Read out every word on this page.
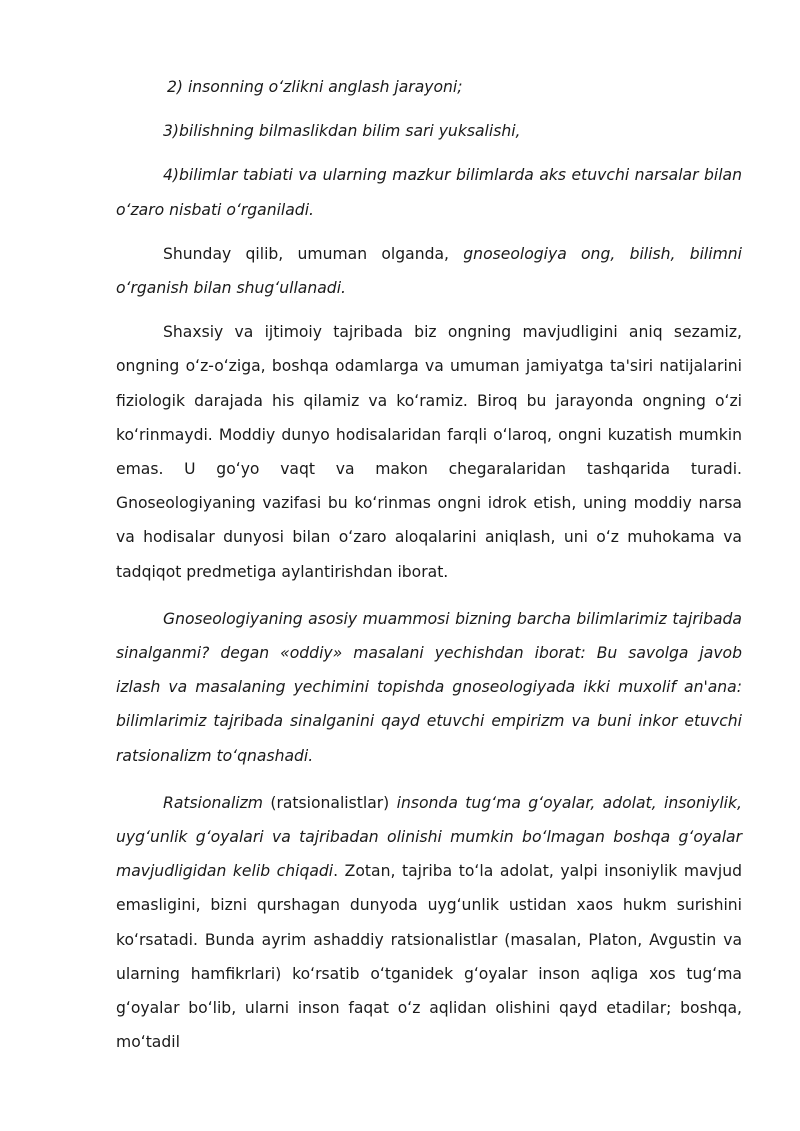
2) insonning oʻzlikni anglash jarayoni;

3)bilishning bilmaslikdan bilim sari yuksalishi,

4)bilimlar tabiati va ularning mazkur bilimlarda aks etuvchi narsalar bilan oʻzaro nisbati oʻrganiladi.

Shunday qilib, umuman olganda, gnoseologiya ong, bilish, bilimni oʻrganish bilan shugʻullanadi.

Shaxsiy va ijtimoiy tajribada biz ongning mavjudligini aniq sezamiz, ongning oʻz-oʻziga, boshqa odamlarga va umuman jamiyatga ta'siri natijalarini fiziologik darajada his qilamiz va koʻramiz. Biroq bu jarayonda ongning oʻzi koʻrinmaydi. Moddiy dunyo hodisalaridan farqli oʻlaroq, ongni kuzatish mumkin emas. U goʻyo vaqt va makon chegaralaridan tashqarida turadi. Gnoseologiyaning vazifasi bu koʻrinmas ongni idrok etish, uning moddiy narsa va hodisalar dunyosi bilan oʻzaro aloqalarini aniqlash, uni oʻz muhokama va tadqiqot predmetiga aylantirishdan iborat.

Gnoseologiyaning asosiy muammosi bizning barcha bilimlarimiz tajribada sinalganmi? degan «oddiy» masalani yechishdan iborat: Bu savolga javob izlash va masalaning yechimini topishda gnoseologiyada ikki muxolif an'ana: bilimlarimiz tajribada sinalganini qayd etuvchi empirizm va buni inkor etuvchi ratsionalizm toʻqnashadi.

Ratsionalizm (ratsionalistlar) insonda tugʻma gʻoyalar, adolat, insoniylik, uygʻunlik gʻoyalari va tajribadan olinishi mumkin boʻlmagan boshqa gʻoyalar mavjudligidan kelib chiqadi. Zotan, tajriba toʻla adolat, yalpi insoniylik mavjud emasligini, bizni qurshagan dunyoda uygʻunlik ustidan xaos hukm surishini koʻrsatadi. Bunda ayrim ashaddiy ratsionalistlar (masalan, Platon, Avgustin va ularning hamfikrlari) koʻrsatib oʻtganidek gʻoyalar inson aqliga xos tugʻma gʻoyalar boʻlib, ularni inson faqat oʻz aqlidan olishini qayd etadilar; boshqa, moʻtadil
